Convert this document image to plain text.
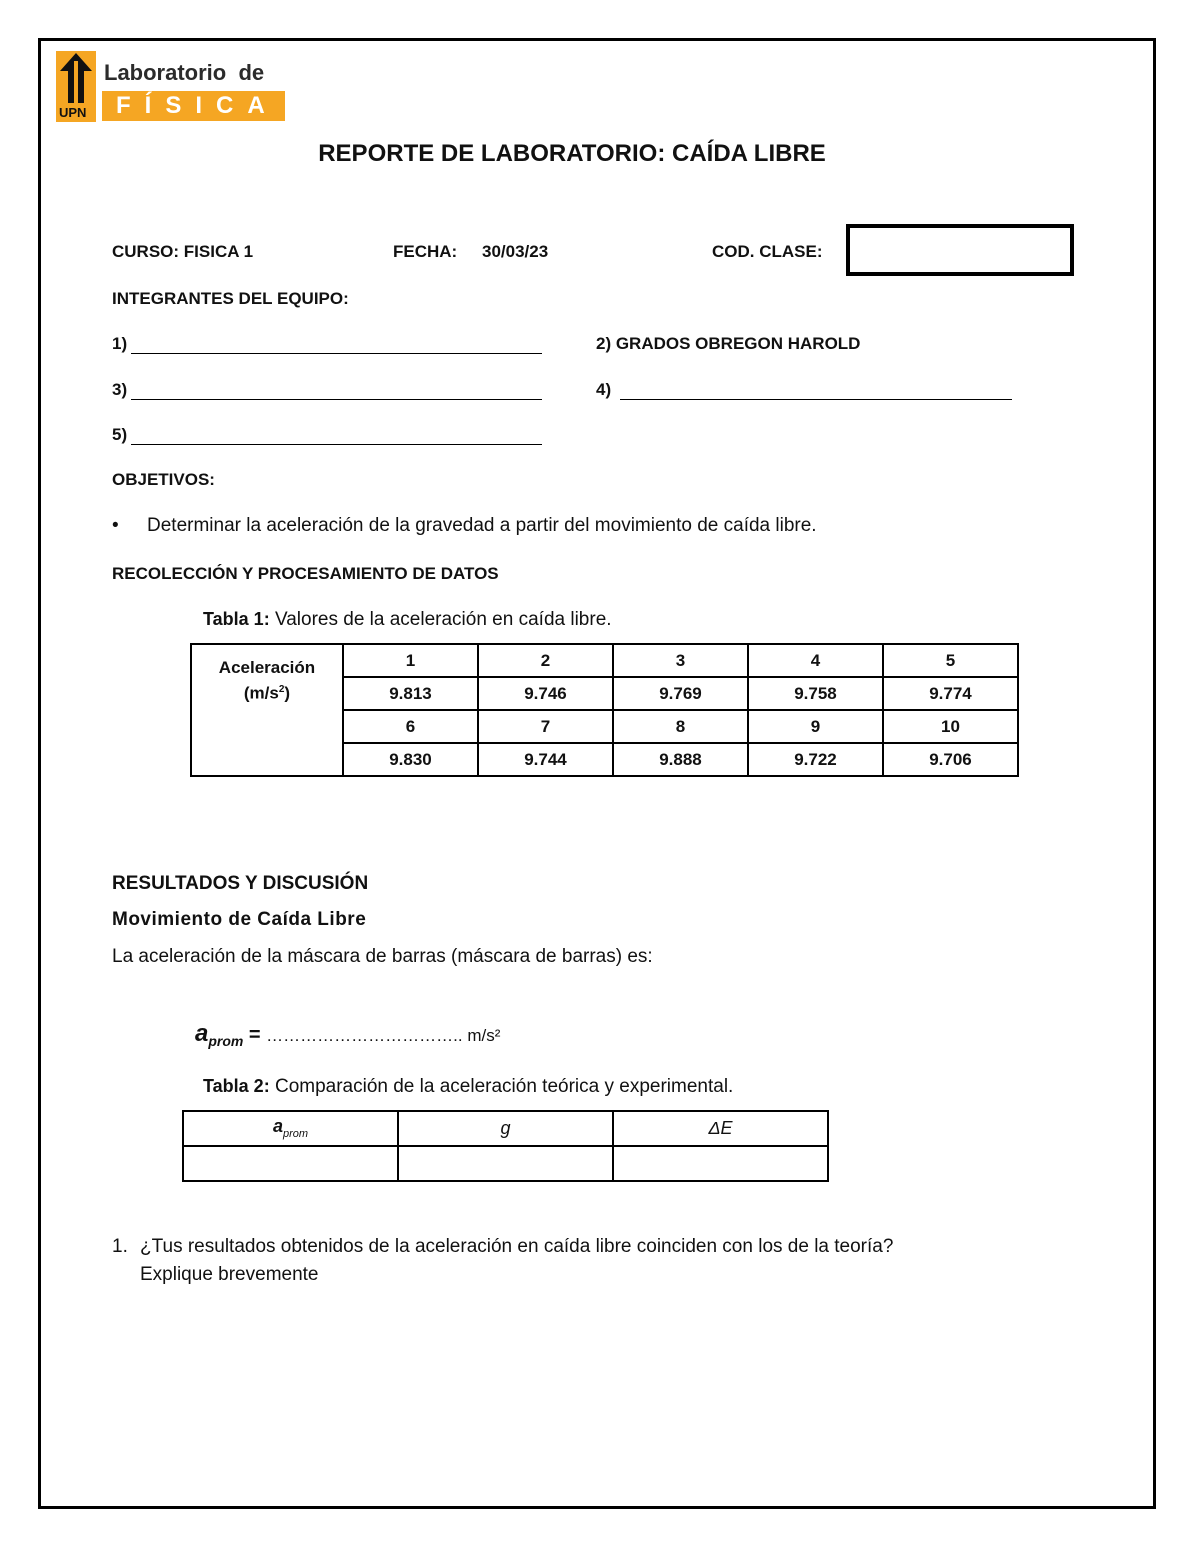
UPN
Laboratorio  de
FÍSICA
REPORTE DE LABORATORIO: CAÍDA LIBRE
CURSO: FISICA 1	FECHA: 30/03/23	COD. CLASE:
INTEGRANTES DEL EQUIPO:
1)	2) GRADOS OBREGON HAROLD
3)	4)
5)
OBJETIVOS:
• Determinar la aceleración de la gravedad a partir del movimiento de caída libre.
RECOLECCIÓN Y PROCESAMIENTO DE DATOS
Tabla 1: Valores de la aceleración en caída libre.
Aceleración
$(m/s^2)$	1	2	3	4	5
	9.813	9.746	9.769	9.758	9.774
	6	7	8	9	10
	9.830	9.744	9.888	9.722	9.706
RESULTADOS Y DISCUSIÓN
Movimiento de Caída Libre
La aceleración de la máscara de barras (máscara de barras) es:
$a_{prom}$ = …………………………….. m/s²
Tabla 2: Comparación de la aceleración teórica y experimental.
$a_{prom}$	g	ΔE

1. ¿Tus resultados obtenidos de la aceleración en caída libre coinciden con los de la teoría?
Explique brevemente
